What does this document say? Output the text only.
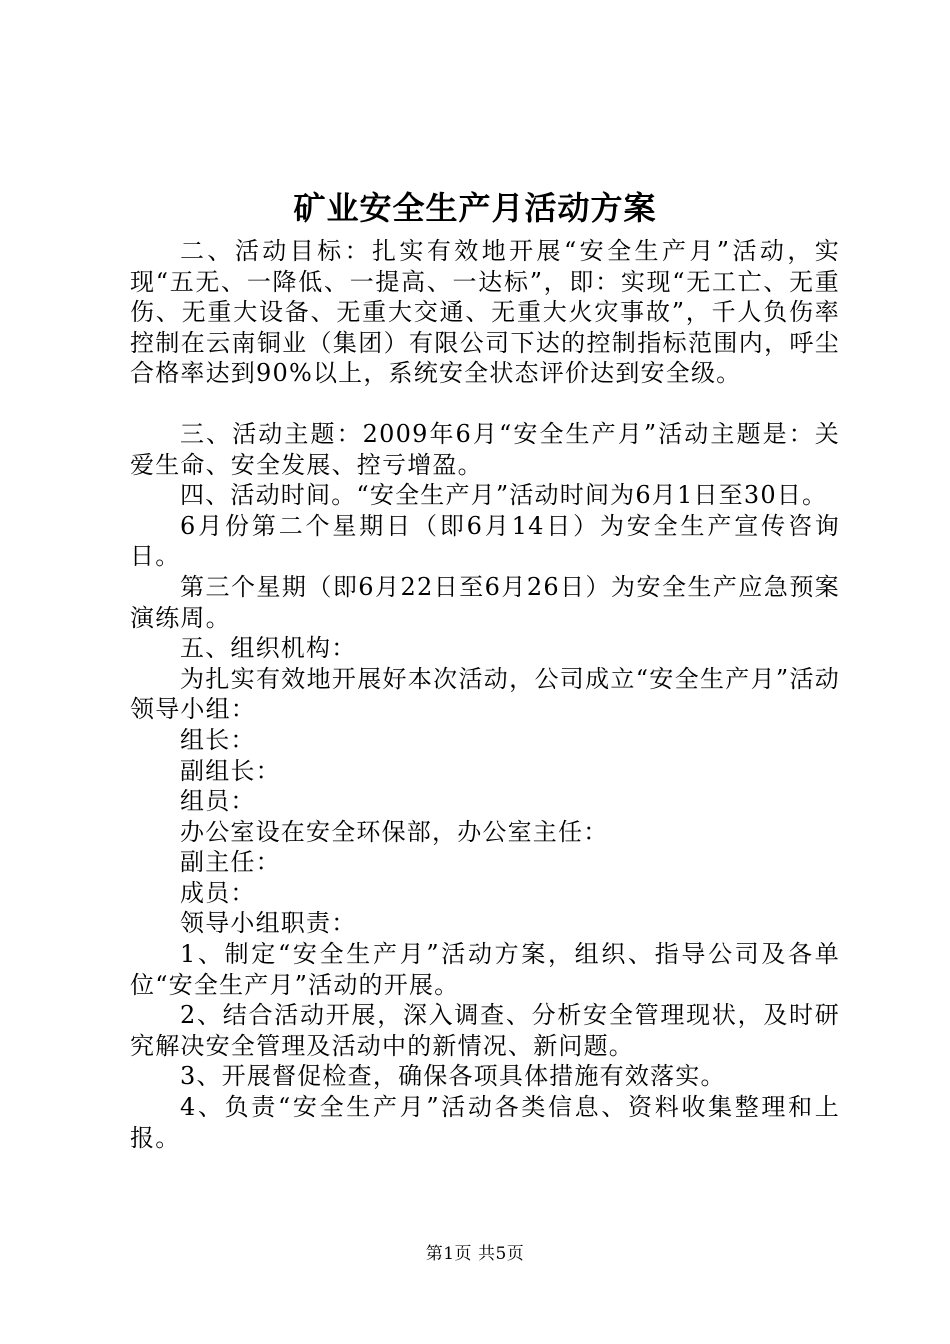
矿业安全生产月活动方案

二、活动目标：扎实有效地开展“安全生产月”活动，实现“五无、一降低、一提高、一达标”，即：实现“无工亡、无重伤、无重大设备、无重大交通、无重大火灾事故”，千人负伤率控制在云南铜业（集团）有限公司下达的控制指标范围内，呼尘合格率达到90%以上，系统安全状态评价达到安全级。

三、活动主题：2009年6月“安全生产月”活动主题是：关爱生命、安全发展、控亏增盈。

四、活动时间。“安全生产月”活动时间为6月1日至30日。

6月份第二个星期日（即6月14日）为安全生产宣传咨询日。

第三个星期（即6月22日至6月26日）为安全生产应急预案演练周。

五、组织机构：

为扎实有效地开展好本次活动，公司成立“安全生产月”活动领导小组：

组长：

副组长：

组员：

办公室设在安全环保部，办公室主任：

副主任：

成员：

领导小组职责：

1、制定“安全生产月”活动方案，组织、指导公司及各单位“安全生产月”活动的开展。

2、结合活动开展，深入调查、分析安全管理现状，及时研究解决安全管理及活动中的新情况、新问题。

3、开展督促检查，确保各项具体措施有效落实。

4、负责“安全生产月”活动各类信息、资料收集整理和上报。

第1页 共5页
